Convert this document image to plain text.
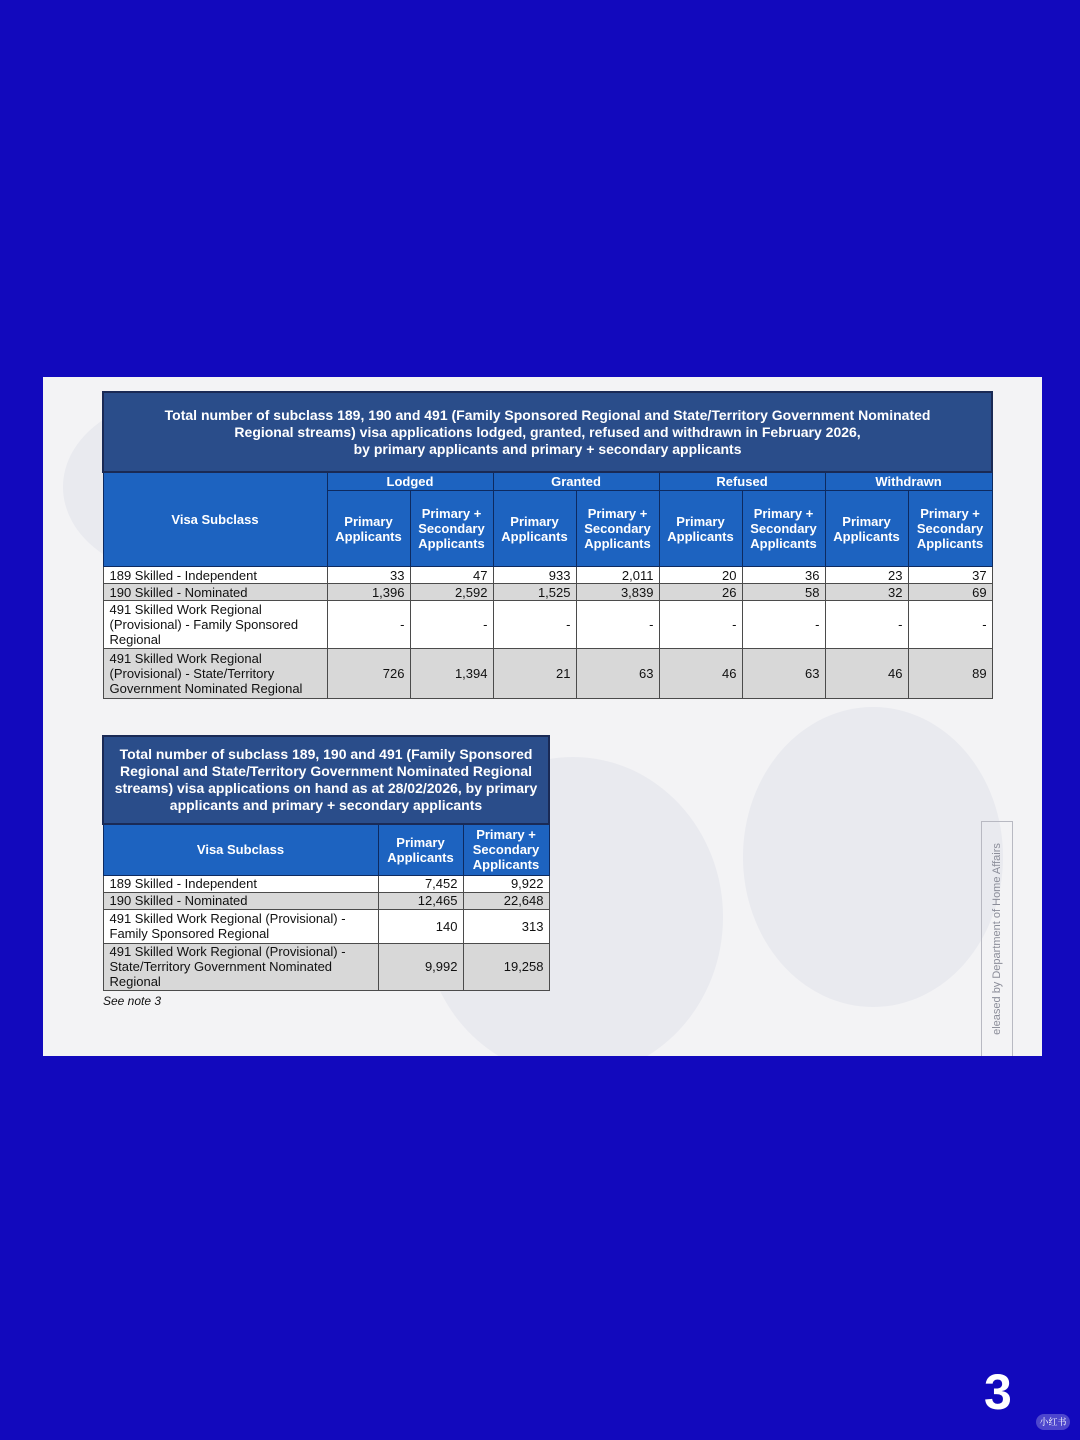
Total number of subclass 189, 190 and 491 (Family Sponsored Regional and State/Territory Government Nominated
Regional streams) visa applications lodged, granted, refused and withdrawn in February 2026,
by primary applicants and primary + secondary applicants								

Visa Subclass	Lodged		Granted		Refused		Withdrawn	
	Primary Applicants	Primary + Secondary Applicants	Primary Applicants	Primary + Secondary Applicants	Primary Applicants	Primary + Secondary Applicants	Primary Applicants	Primary + Secondary Applicants
189 Skilled - Independent	33	47	933	2,011	20	36	23	37
190 Skilled - Nominated	1,396	2,592	1,525	3,839	26	58	32	69
491 Skilled Work Regional (Provisional) - Family Sponsored Regional	-	-	-	-	-	-	-	-
491 Skilled Work Regional (Provisional) - State/Territory Government Nominated Regional	726	1,394	21	63	46	63	46	89
Total number of subclass 189, 190 and 491 (Family Sponsored Regional and State/Territory Government Nominated Regional streams) visa applications on hand as at 28/02/2026, by primary applicants and primary + secondary applicants		
Visa Subclass	Primary Applicants	Primary + Secondary Applicants
189 Skilled - Independent	7,452	9,922
190 Skilled - Nominated	12,465	22,648
491 Skilled Work Regional (Provisional) - Family Sponsored Regional	140	313
491 Skilled Work Regional (Provisional) - State/Territory Government Nominated Regional	9,992	19,258
See note 3	eleased by Department of Home Affairs
3
小红书
